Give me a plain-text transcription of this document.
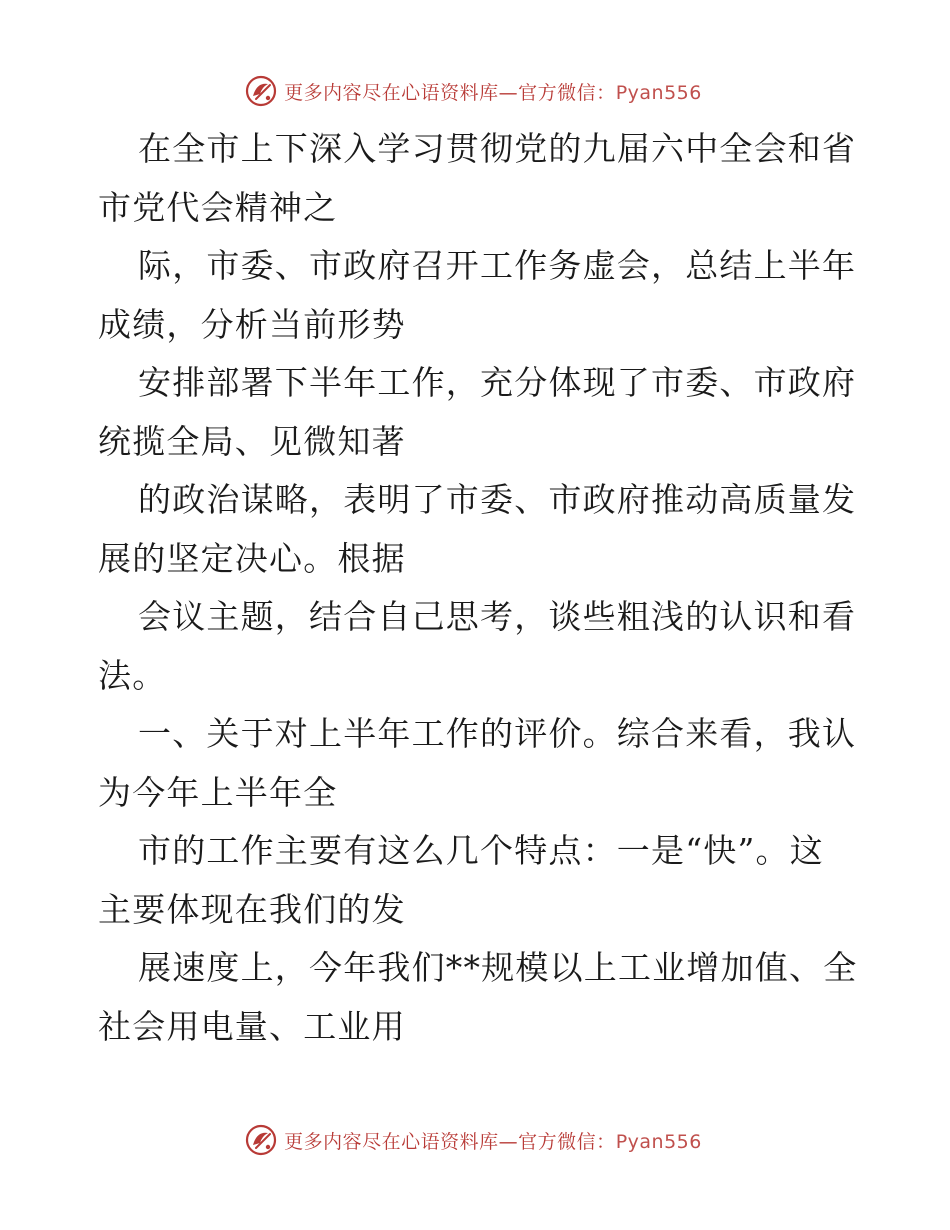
更多内容尽在心语资料库—官方微信：Pyan556

在全市上下深入学习贯彻党的九届六中全会和省市党代会精神之

际，市委、市政府召开工作务虚会，总结上半年成绩，分析当前形势

安排部署下半年工作，充分体现了市委、市政府统揽全局、见微知著

的政治谋略，表明了市委、市政府推动高质量发展的坚定决心。根据

会议主题，结合自己思考，谈些粗浅的认识和看法。

一、关于对上半年工作的评价。综合来看，我认为今年上半年全

市的工作主要有这么几个特点：一是“快”。这主要体现在我们的发

展速度上，今年我们**规模以上工业增加值、全社会用电量、工业用

更多内容尽在心语资料库—官方微信：Pyan556
